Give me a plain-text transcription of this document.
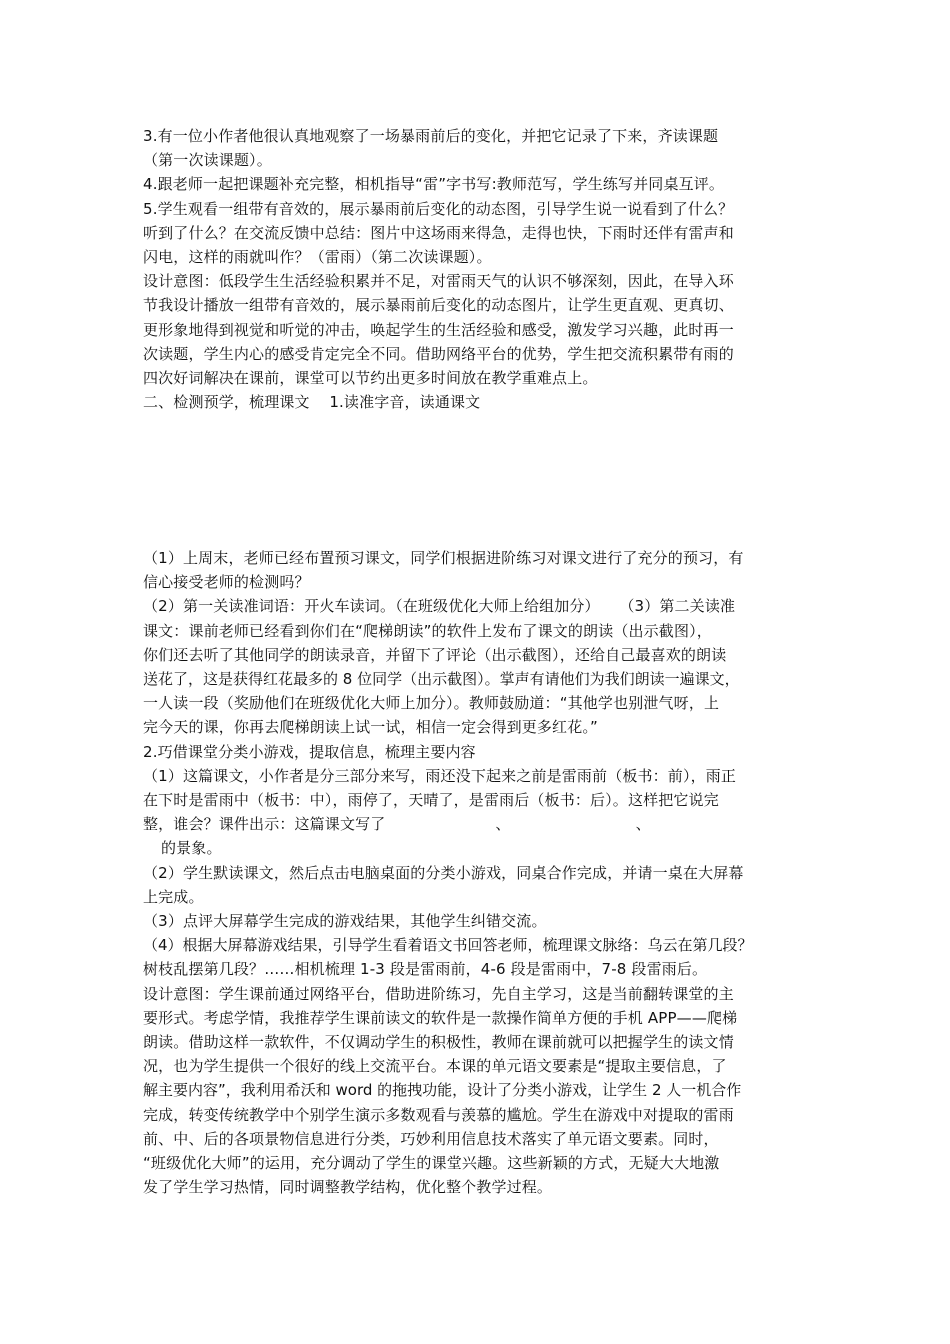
3.有一位小作者他很认真地观察了一场暴雨前后的变化，并把它记录了下来，齐读课题
（第一次读课题）。
4.跟老师一起把课题补充完整，相机指导“雷”字书写:教师范写，学生练写并同桌互评。
5.学生观看一组带有音效的，展示暴雨前后变化的动态图，引导学生说一说看到了什么？
听到了什么？在交流反馈中总结：图片中这场雨来得急，走得也快，下雨时还伴有雷声和
闪电，这样的雨就叫作？（雷雨）（第二次读课题）。
设计意图：低段学生生活经验积累并不足，对雷雨天气的认识不够深刻，因此，在导入环
节我设计播放一组带有音效的，展示暴雨前后变化的动态图片，让学生更直观、更真切、
更形象地得到视觉和听觉的冲击，唤起学生的生活经验和感受，激发学习兴趣，此时再一
次读题，学生内心的感受肯定完全不同。借助网络平台的优势，学生把交流积累带有雨的
四次好词解决在课前，课堂可以节约出更多时间放在教学重难点上。
二、检测预学，梳理课文    1.读准字音，读通课文
（1）上周末，老师已经布置预习课文，同学们根据进阶练习对课文进行了充分的预习，有
信心接受老师的检测吗？
（2）第一关读准词语：开火车读词。（在班级优化大师上给组加分）    （3）第二关读准
课文：课前老师已经看到你们在“爬梯朗读”的软件上发布了课文的朗读（出示截图），
你们还去听了其他同学的朗读录音，并留下了评论（出示截图），还给自己最喜欢的朗读
送花了，这是获得红花最多的 8 位同学（出示截图）。掌声有请他们为我们朗读一遍课文，
一人读一段（奖励他们在班级优化大师上加分）。教师鼓励道：“其他学也别泄气呀，上
完今天的课，你再去爬梯朗读上试一试，相信一定会得到更多红花。”
2.巧借课堂分类小游戏，提取信息，梳理主要内容
（1）这篇课文，小作者是分三部分来写，雨还没下起来之前是雷雨前（板书：前），雨正
在下时是雷雨中（板书：中），雨停了，天晴了，是雷雨后（板书：后）。这样把它说完
整，谁会？课件出示：这篇课文写了	、	、
的景象。
（2）学生默读课文，然后点击电脑桌面的分类小游戏，同桌合作完成，并请一桌在大屏幕
上完成。
（3）点评大屏幕学生完成的游戏结果，其他学生纠错交流。
（4）根据大屏幕游戏结果，引导学生看着语文书回答老师，梳理课文脉络：乌云在第几段？
树枝乱摆第几段？……相机梳理 1-3 段是雷雨前，4-6 段是雷雨中，7-8 段雷雨后。
设计意图：学生课前通过网络平台，借助进阶练习，先自主学习，这是当前翻转课堂的主
要形式。考虑学情，我推荐学生课前读文的软件是一款操作简单方便的手机 APP——爬梯
朗读。借助这样一款软件，不仅调动学生的积极性，教师在课前就可以把握学生的读文情
况，也为学生提供一个很好的线上交流平台。本课的单元语文要素是“提取主要信息，了
解主要内容”，我利用希沃和 word 的拖拽功能，设计了分类小游戏，让学生 2 人一机合作
完成，转变传统教学中个别学生演示多数观看与羡慕的尴尬。学生在游戏中对提取的雷雨
前、中、后的各项景物信息进行分类，巧妙利用信息技术落实了单元语文要素。同时，
“班级优化大师”的运用，充分调动了学生的课堂兴趣。这些新颖的方式，无疑大大地激
发了学生学习热情，同时调整教学结构，优化整个教学过程。
